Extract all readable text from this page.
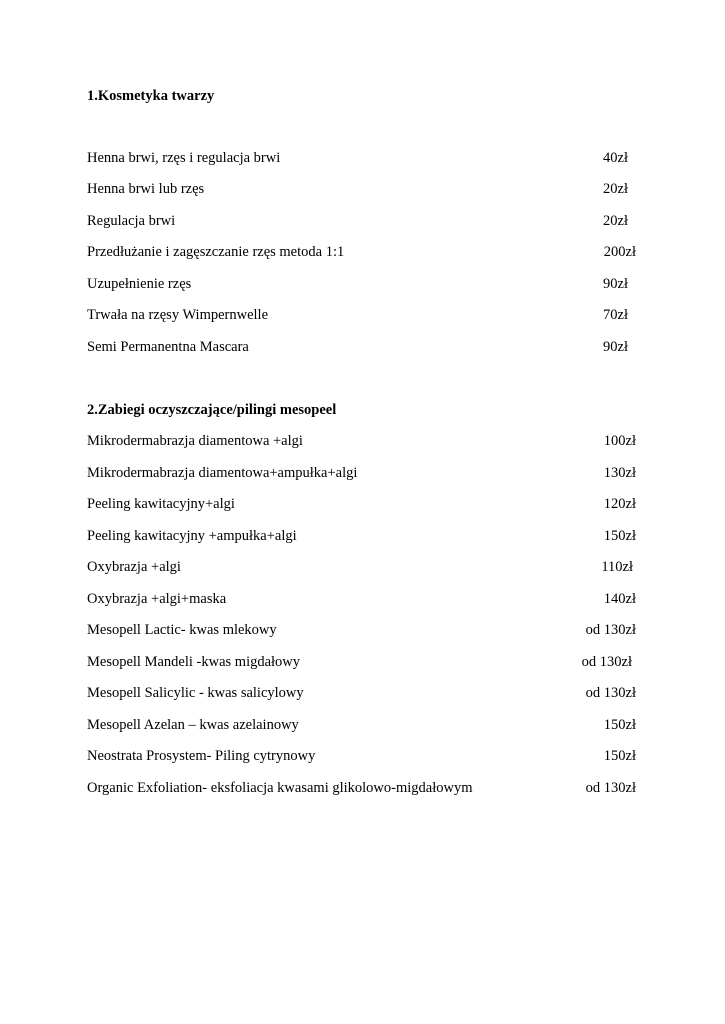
1.Kosmetyka twarzy
Henna brwi, rzęs i regulacja brwi	40zł
Henna brwi lub rzęs	20zł
Regulacja brwi	20zł
Przedłużanie i zagęszczanie rzęs metoda 1:1	200zł
Uzupełnienie rzęs	90zł
Trwała na rzęsy Wimpernwelle	70zł
Semi Permanentna Mascara	90zł
2.Zabiegi oczyszczające/pilingi mesopeel
Mikrodermabrazja diamentowa +algi	100zł
Mikrodermabrazja diamentowa+ampułka+algi	130zł
Peeling kawitacyjny+algi	120zł
Peeling kawitacyjny +ampułka+algi	150zł
Oxybrazja +algi	110zł
Oxybrazja +algi+maska	140zł
Mesopell Lactic- kwas mlekowy	od 130zł
Mesopell Mandeli -kwas migdałowy	od 130zł
Mesopell Salicylic - kwas salicylowy	od 130zł
Mesopell Azelan – kwas azelainowy	150zł
Neostrata Prosystem- Piling cytrynowy	150zł
Organic Exfoliation- eksfoliacja kwasami glikolowo-migdałowym	od 130zł
